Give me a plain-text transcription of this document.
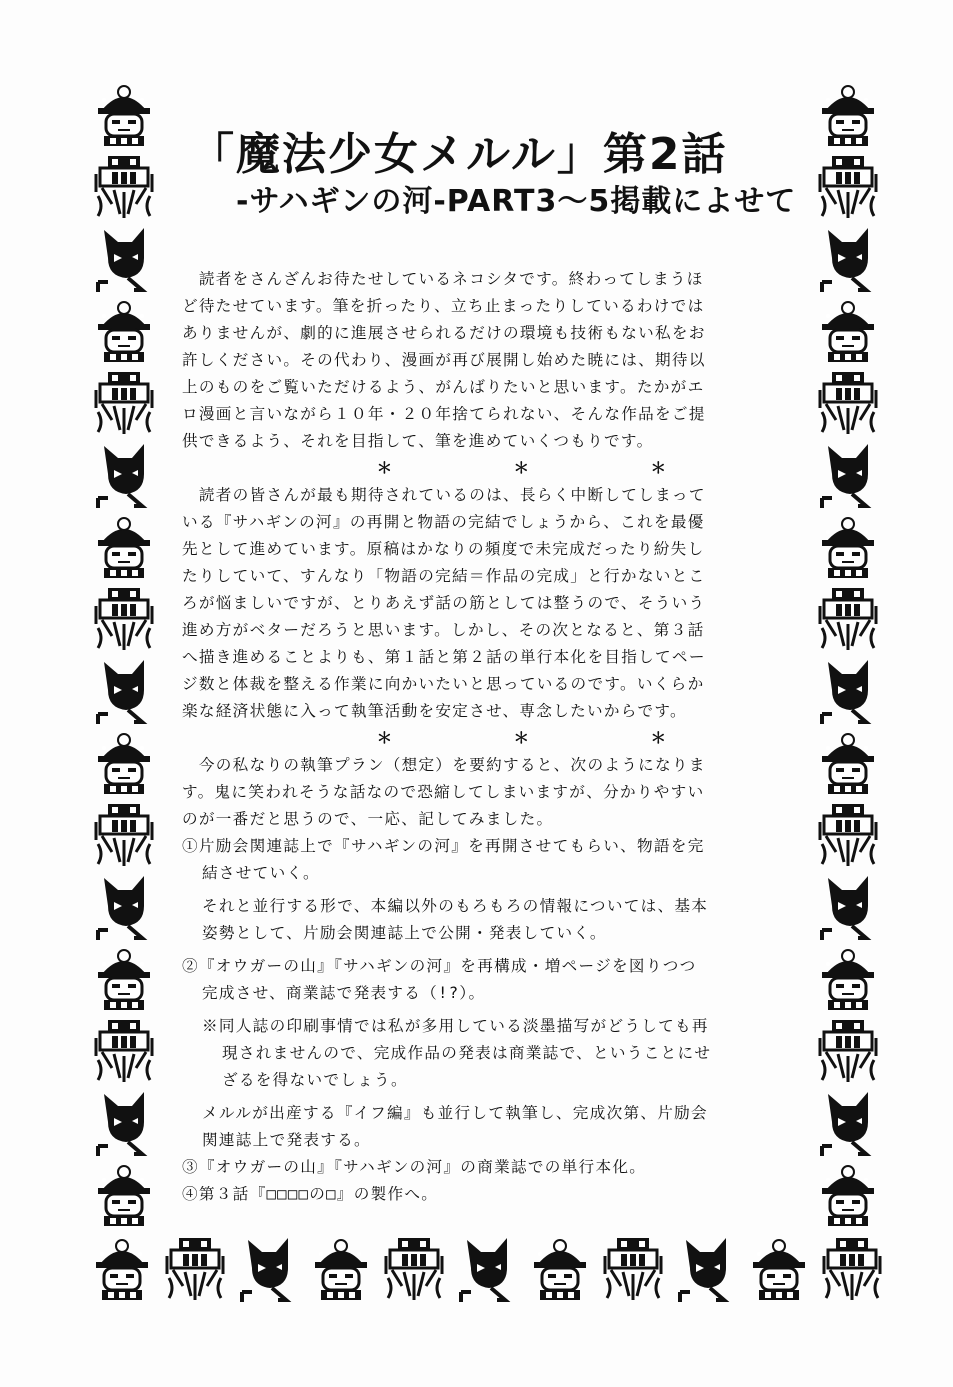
「魔法少女メルル」第2話
-サハギンの河-PART3〜5掲載によせて
　読者をさんざんお待たせしているネコシタです。終わってしまうほ
ど待たせています。筆を折ったり、立ち止まったりしているわけでは
ありませんが、劇的に進展させられるだけの環境も技術もない私をお
許しください。その代わり、漫画が再び展開し始めた暁には、期待以
上のものをご覧いただけるよう、がんばりたいと思います。たかがエ
ロ漫画と言いながら１０年・２０年捨てられない、そんな作品をご提
供できるよう、それを目指して、筆を進めていくつもりです。
＊	＊	＊
　読者の皆さんが最も期待されているのは、長らく中断してしまって
いる『サハギンの河』の再開と物語の完結でしょうから、これを最優
先として進めています。原稿はかなりの頻度で未完成だったり紛失し
たりしていて、すんなり「物語の完結＝作品の完成」と行かないとこ
ろが悩ましいですが、とりあえず話の筋としては整うので、そういう
進め方がベターだろうと思います。しかし、その次となると、第３話
へ描き進めることよりも、第１話と第２話の単行本化を目指してペー
ジ数と体裁を整える作業に向かいたいと思っているのです。いくらか
楽な経済状態に入って執筆活動を安定させ、専念したいからです。
＊	＊	＊
　今の私なりの執筆プラン（想定）を要約すると、次のようになりま
す。鬼に笑われそうな話なので恐縮してしまいますが、分かりやすい
のが一番だと思うので、一応、記してみました。
①片励会関連誌上で『サハギンの河』を再開させてもらい、物語を完
結させていく。
それと並行する形で、本編以外のもろもろの情報については、基本
姿勢として、片励会関連誌上で公開・発表していく。
②『オウガーの山』『サハギンの河』を再構成・増ページを図りつつ
完成させ、商業誌で発表する（!?）。
※同人誌の印刷事情では私が多用している淡墨描写がどうしても再
現されませんので、完成作品の発表は商業誌で、ということにせ
ざるを得ないでしょう。
メルルが出産する『イフ編』も並行して執筆し、完成次第、片励会
関連誌上で発表する。
③『オウガーの山』『サハギンの河』の商業誌での単行本化。
④第３話『□□□□の□』の製作へ。
